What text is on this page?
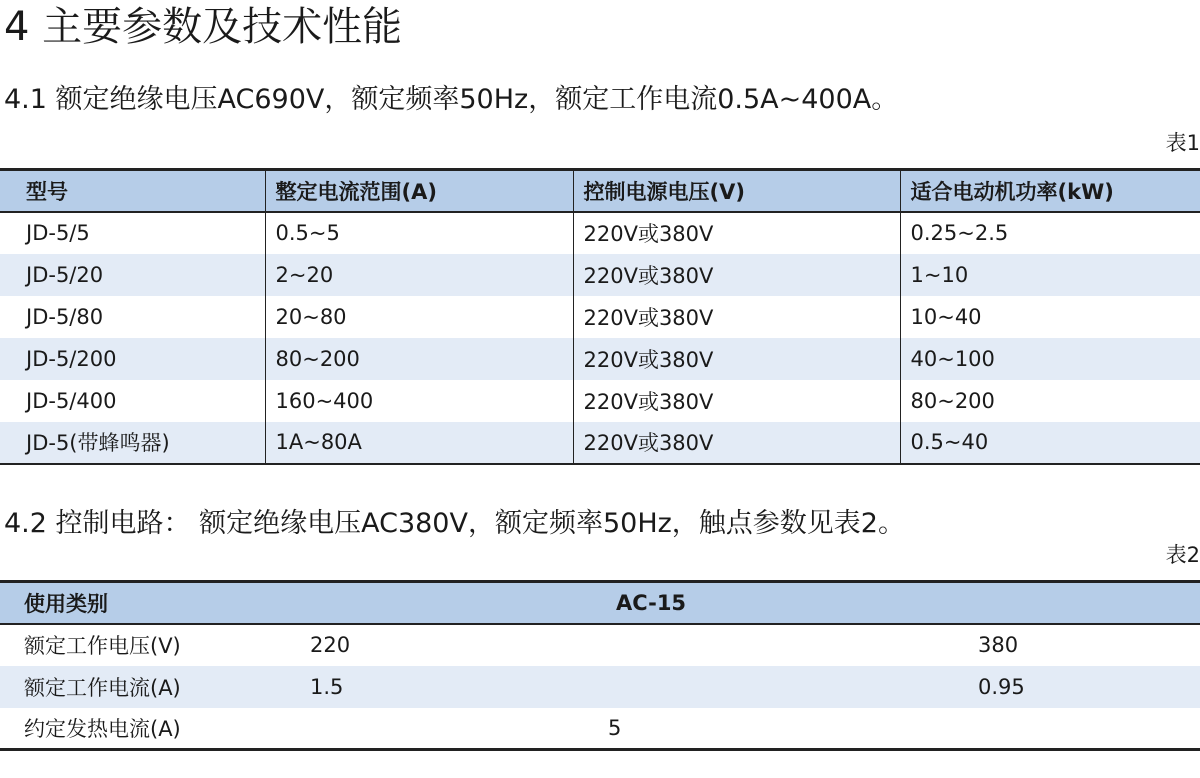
4 主要参数及技术性能
4.1 额定绝缘电压AC690V，额定频率50Hz，额定工作电流0.5A~400A。
表1
型号	整定电流范围(A)	控制电源电压(V)	适合电动机功率(kW)
JD-5/5	0.5~5	220V或380V	0.25~2.5
JD-5/20	2~20	220V或380V	1~10
JD-5/80	20~80	220V或380V	10~40
JD-5/200	80~200	220V或380V	40~100
JD-5/400	160~400	220V或380V	80~200
JD-5(带蜂鸣器)	1A~80A	220V或380V	0.5~40
4.2 控制电路： 额定绝缘电压AC380V，额定频率50Hz，触点参数见表2。
表2
使用类别	AC-15	
额定工作电压(V)	220	380
额定工作电流(A)	1.5	0.95
约定发热电流(A)	5	
